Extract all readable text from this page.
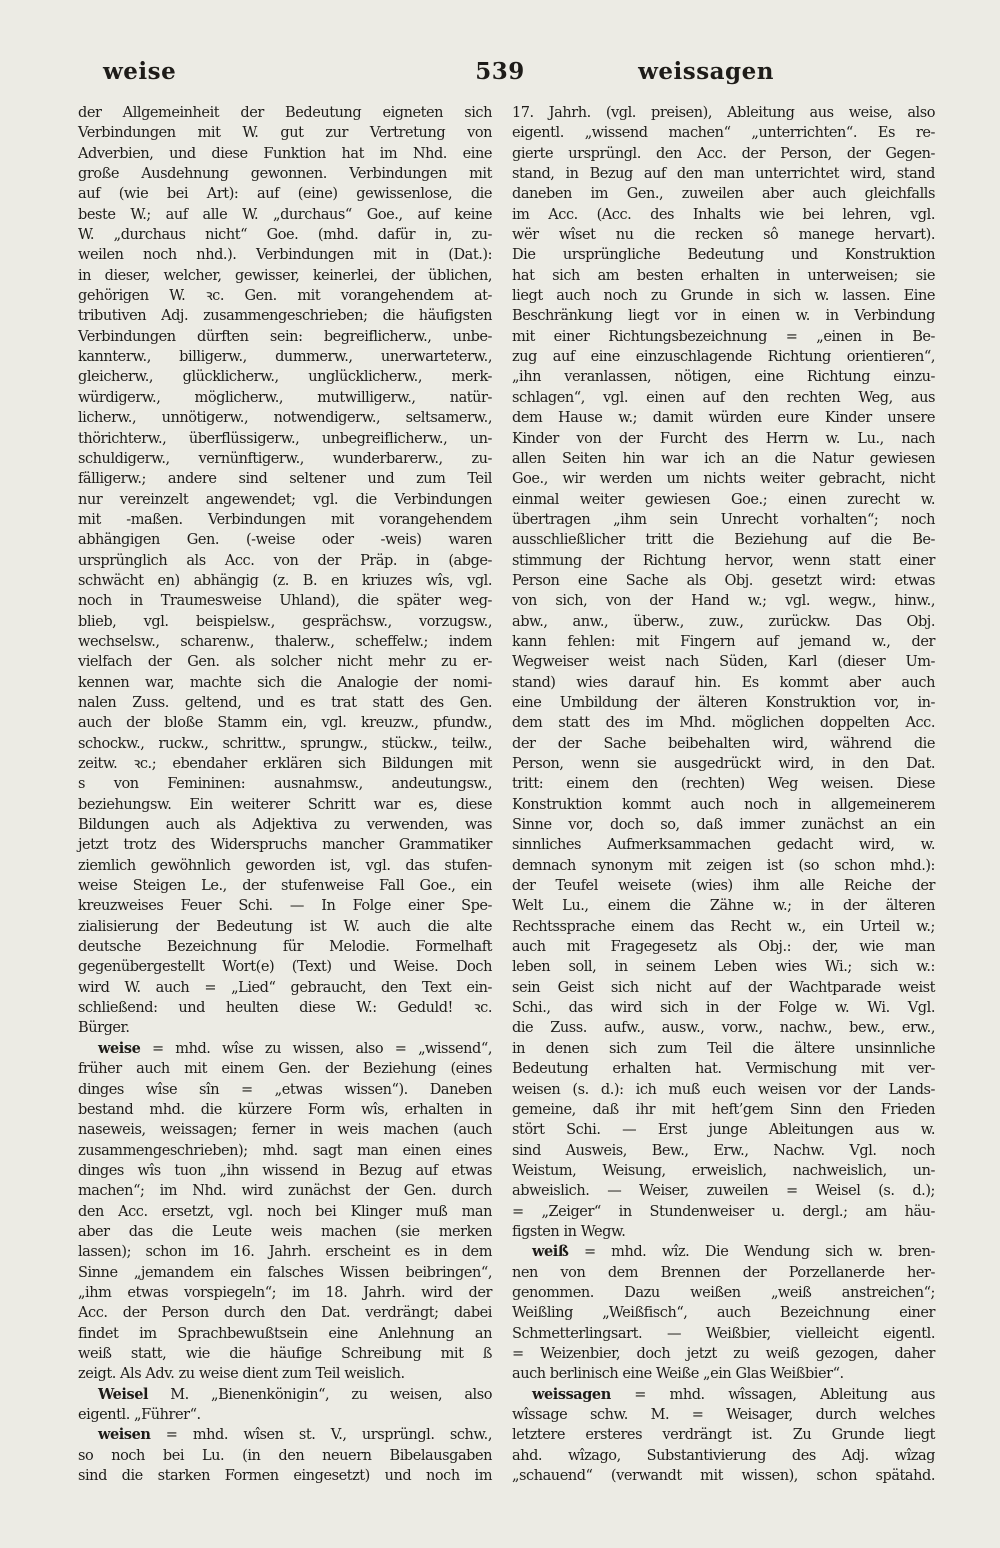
weise	539	weissagen
der Allgemeinheit der Bedeutung eigneten sich
Verbindungen mit W. gut zur Vertretung von
Adverbien, und diese Funktion hat im Nhd. eine
große Ausdehnung gewonnen. Verbindungen mit
auf (wie bei Art): auf (eine) gewissenlose, die
beste W.; auf alle W. „durchaus“ Goe., auf keine
W. „durchaus nicht“ Goe. (mhd. dafür in, zu-
weilen noch nhd.). Verbindungen mit in (Dat.):
in dieser, welcher, gewisser, keinerlei, der üblichen,
gehörigen W. ꝛc. Gen. mit vorangehendem at-
tributiven Adj. zusammengeschrieben; die häufigsten
Verbindungen dürften sein: begreiflicherw., unbe-
kannterw., billigerw., dummerw., unerwarteterw.,
gleicherw., glücklicherw., unglücklicherw., merk-
würdigerw., möglicherw., mutwilligerw., natür-
licherw., unnötigerw., notwendigerw., seltsamerw.,
thörichterw., überflüssigerw., unbegreiflicherw., un-
schuldigerw., vernünftigerw., wunderbarerw., zu-
fälligerw.; andere sind seltener und zum Teil
nur vereinzelt angewendet; vgl. die Verbindungen
mit -maßen. Verbindungen mit vorangehendem
abhängigen Gen. (-weise oder -weis) waren
ursprünglich als Acc. von der Präp. in (abge-
schwächt en) abhängig (z. B. en kriuzes wîs, vgl.
noch in Traumesweise Uhland), die später weg-
blieb, vgl. beispielsw., gesprächsw., vorzugsw.,
wechselsw., scharenw., thalerw., scheffelw.; indem
vielfach der Gen. als solcher nicht mehr zu er-
kennen war, machte sich die Analogie der nomi-
nalen Zuss. geltend, und es trat statt des Gen.
auch der bloße Stamm ein, vgl. kreuzw., pfundw.,
schockw., ruckw., schrittw., sprungw., stückw., teilw.,
zeitw. ꝛc.; ebendaher erklären sich Bildungen mit
s von Femininen: ausnahmsw., andeutungsw.,
beziehungsw. Ein weiterer Schritt war es, diese
Bildungen auch als Adjektiva zu verwenden, was
jetzt trotz des Widerspruchs mancher Grammatiker
ziemlich gewöhnlich geworden ist, vgl. das stufen-
weise Steigen Le., der stufenweise Fall Goe., ein
kreuzweises Feuer Schi. — In Folge einer Spe-
zialisierung der Bedeutung ist W. auch die alte
deutsche Bezeichnung für Melodie. Formelhaft
gegenübergestellt Wort(e) (Text) und Weise. Doch
wird W. auch = „Lied“ gebraucht, den Text ein-
schließend: und heulten diese W.: Geduld! ꝛc.
Bürger.
weise = mhd. wîse zu wissen, also = „wissend“,
früher auch mit einem Gen. der Beziehung (eines
dinges wîse sîn = „etwas wissen“). Daneben
bestand mhd. die kürzere Form wîs, erhalten in
naseweis, weissagen; ferner in weis machen (auch
zusammengeschrieben); mhd. sagt man einen eines
dinges wîs tuon „ihn wissend in Bezug auf etwas
machen“; im Nhd. wird zunächst der Gen. durch
den Acc. ersetzt, vgl. noch bei Klinger muß man
aber das die Leute weis machen (sie merken
lassen); schon im 16. Jahrh. erscheint es in dem
Sinne „jemandem ein falsches Wissen beibringen“,
„ihm etwas vorspiegeln“; im 18. Jahrh. wird der
Acc. der Person durch den Dat. verdrängt; dabei
findet im Sprachbewußtsein eine Anlehnung an
weiß statt, wie die häufige Schreibung mit ß
zeigt. Als Adv. zu weise dient zum Teil weislich.
Weisel M. „Bienenkönigin“, zu weisen, also
eigentl. „Führer“.
weisen = mhd. wîsen st. V., ursprüngl. schw.,
so noch bei Lu. (in den neuern Bibelausgaben
sind die starken Formen eingesetzt) und noch im
17. Jahrh. (vgl. preisen), Ableitung aus weise, also
eigentl. „wissend machen“ „unterrichten“. Es re-
gierte ursprüngl. den Acc. der Person, der Gegen-
stand, in Bezug auf den man unterrichtet wird, stand
daneben im Gen., zuweilen aber auch gleichfalls
im Acc. (Acc. des Inhalts wie bei lehren, vgl.
wër wîset nu die recken sô manege hervart).
Die ursprüngliche Bedeutung und Konstruktion
hat sich am besten erhalten in unterweisen; sie
liegt auch noch zu Grunde in sich w. lassen. Eine
Beschränkung liegt vor in einen w. in Verbindung
mit einer Richtungsbezeichnung = „einen in Be-
zug auf eine einzuschlagende Richtung orientieren“,
„ihn veranlassen, nötigen, eine Richtung einzu-
schlagen“, vgl. einen auf den rechten Weg, aus
dem Hause w.; damit würden eure Kinder unsere
Kinder von der Furcht des Herrn w. Lu., nach
allen Seiten hin war ich an die Natur gewiesen
Goe., wir werden um nichts weiter gebracht, nicht
einmal weiter gewiesen Goe.; einen zurecht w.
übertragen „ihm sein Unrecht vorhalten“; noch
ausschließlicher tritt die Beziehung auf die Be-
stimmung der Richtung hervor, wenn statt einer
Person eine Sache als Obj. gesetzt wird: etwas
von sich, von der Hand w.; vgl. wegw., hinw.,
abw., anw., überw., zuw., zurückw. Das Obj.
kann fehlen: mit Fingern auf jemand w., der
Wegweiser weist nach Süden, Karl (dieser Um-
stand) wies darauf hin. Es kommt aber auch
eine Umbildung der älteren Konstruktion vor, in-
dem statt des im Mhd. möglichen doppelten Acc.
der der Sache beibehalten wird, während die
Person, wenn sie ausgedrückt wird, in den Dat.
tritt: einem den (rechten) Weg weisen. Diese
Konstruktion kommt auch noch in allgemeinerem
Sinne vor, doch so, daß immer zunächst an ein
sinnliches Aufmerksammachen gedacht wird, w.
demnach synonym mit zeigen ist (so schon mhd.):
der Teufel weisete (wies) ihm alle Reiche der
Welt Lu., einem die Zähne w.; in der älteren
Rechtssprache einem das Recht w., ein Urteil w.;
auch mit Fragegesetz als Obj.: der, wie man
leben soll, in seinem Leben wies Wi.; sich w.:
sein Geist sich nicht auf der Wachtparade weist
Schi., das wird sich in der Folge w. Wi. Vgl.
die Zuss. aufw., ausw., vorw., nachw., bew., erw.,
in denen sich zum Teil die ältere unsinnliche
Bedeutung erhalten hat. Vermischung mit ver-
weisen (s. d.): ich muß euch weisen vor der Lands-
gemeine, daß ihr mit heft’gem Sinn den Frieden
stört Schi. — Erst junge Ableitungen aus w.
sind Ausweis, Bew., Erw., Nachw. Vgl. noch
Weistum, Weisung, erweislich, nachweislich, un-
abweislich. — Weiser, zuweilen = Weisel (s. d.);
= „Zeiger“ in Stundenweiser u. dergl.; am häu-
figsten in Wegw.
weiß = mhd. wîz. Die Wendung sich w. bren-
nen von dem Brennen der Porzellanerde her-
genommen. Dazu weißen „weiß anstreichen“;
Weißling „Weißfisch“, auch Bezeichnung einer
Schmetterlingsart. — Weißbier, vielleicht eigentl.
= Weizenbier, doch jetzt zu weiß gezogen, daher
auch berlinisch eine Weiße „ein Glas Weißbier“.
weissagen = mhd. wîssagen, Ableitung aus
wîssage schw. M. = Weisager, durch welches
letztere ersteres verdrängt ist. Zu Grunde liegt
ahd. wîzago, Substantivierung des Adj. wîzag
„schauend“ (verwandt mit wissen), schon spätahd.
